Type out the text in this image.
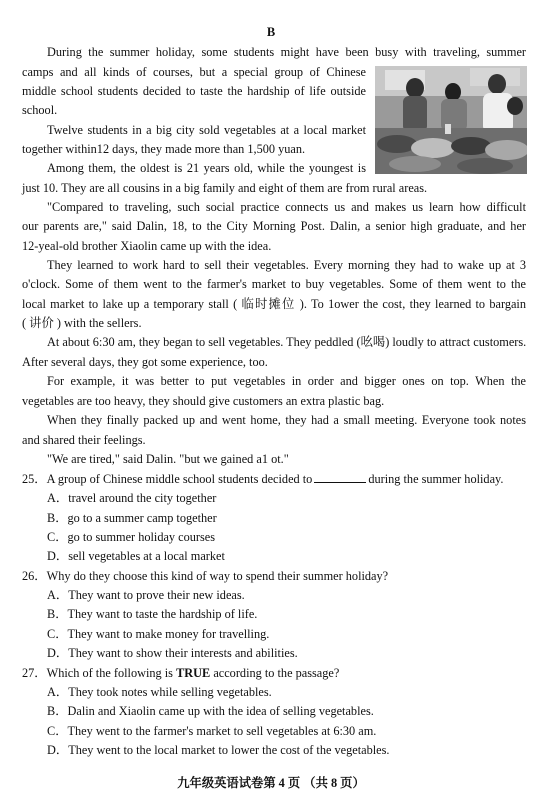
B
During the summer holiday, some students might have been busy with traveling, summer
camps and all kinds of courses, but a special group of Chinese
middle school students decided to taste the hardship of life outside
school.
Twelve students in a big city sold vegetables at a local market
together within12 days, they made more than 1,500 yuan.
Among them, the oldest is 21 years old, while the youngest is
just 10. They are all cousins in a big family and eight of them are from rural areas.
"Compared to traveling, such social practice connects us and makes us learn how difficult
our parents are," said Dalin, 18, to the City Morning Post. Dalin, a senior high graduate, and her
12-yeal-old brother Xiaolin came up with the idea.
They learned to work hard to sell their vegetables. Every morning they had to wake up at 3
o'clock. Some of them went to the farmer's market to buy vegetables. Some of them went to the
local market to lake up a temporary stall ( 临时摊位 ). To 1ower the cost, they learned to bargain
( 讲价 ) with the sellers.
At about 6:30 am, they began to sell vegetables. They peddled (吆喝) loudly to attract customers.
After several days, they got some experience, too.
For example, it was better to put vegetables in order and bigger ones on top. When the
vegetables are too heavy, they should give customers an extra plastic bag.
When they finally packed up and went home, they had a small meeting. Everyone took notes
and shared their feelings.
"We are tired," said Dalin. "but we gained a1 ot."
25．A group of Chinese middle school students decided to	during the summer holiday.
A．travel around the city together
B．go to a summer camp together
C．go to summer holiday courses
D．sell vegetables at a local market
26．Why do they choose this kind of way to spend their summer holiday?
A．They want to prove their new ideas.
B．They want to taste the hardship of life.
C．They want to make money for travelling.
D．They want to show their interests and abilities.
27．Which of the following is TRUE according to the passage?
A．They took notes while selling vegetables.
B．Dalin and Xiaolin came up with the idea of selling vegetables.
C．They went to the farmer's market to sell vegetables at 6:30 am.
D．They went to the local market to lower the cost of the vegetables.
九年级英语试卷第 4 页 （共 8 页）
